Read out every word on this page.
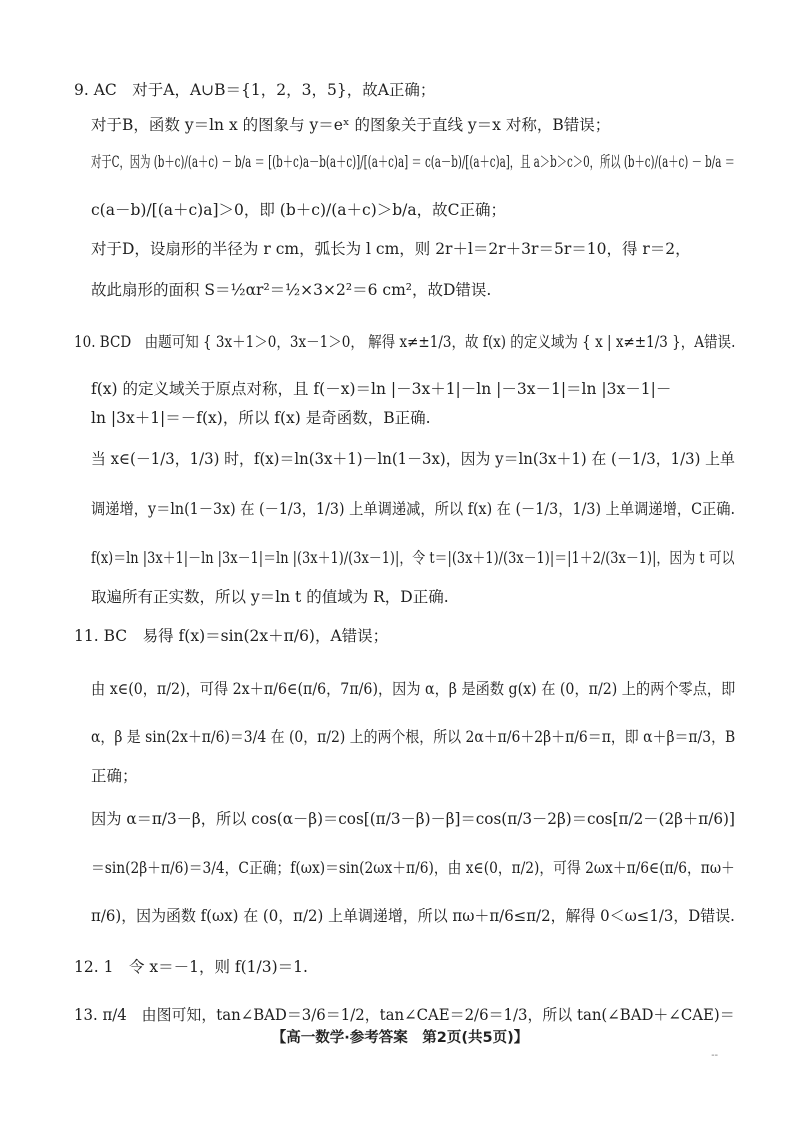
9. AC　对于A，A∪B＝{1，2，3，5}，故A正确；
对于B，函数 y＝ln x 的图象与 y＝eˣ 的图象关于直线 y＝x 对称，B错误；
对于C，因为 (b＋c)/(a＋c) － b/a ＝ [(b＋c)a－b(a＋c)]/[(a＋c)a] ＝ c(a－b)/[(a＋c)a]，且 a＞b＞c＞0，所以 (b＋c)/(a＋c) － b/a ＝
c(a－b)/[(a＋c)a]＞0，即 (b＋c)/(a＋c)＞b/a，故C正确；
对于D，设扇形的半径为 r cm，弧长为 l cm，则 2r＋l＝2r＋3r＝5r＝10，得 r＝2，
故此扇形的面积 S＝½αr²＝½×3×2²＝6 cm²，故D错误.
10. BCD　由题可知 { 3x＋1＞0，3x－1＞0， 解得 x≠±1/3，故 f(x) 的定义域为 { x | x≠±1/3 }，A错误.
f(x) 的定义域关于原点对称，且 f(－x)＝ln |－3x＋1|－ln |－3x－1|＝ln |3x－1|－
ln |3x＋1|＝－f(x)，所以 f(x) 是奇函数，B正确.
当 x∈(－1/3，1/3) 时，f(x)＝ln(3x＋1)－ln(1－3x)，因为 y＝ln(3x＋1) 在 (－1/3，1/3) 上单
调递增，y＝ln(1－3x) 在 (－1/3，1/3) 上单调递减，所以 f(x) 在 (－1/3，1/3) 上单调递增，C正确.
f(x)＝ln |3x＋1|－ln |3x－1|＝ln |(3x＋1)/(3x－1)|，令 t＝|(3x＋1)/(3x－1)|＝|1＋2/(3x－1)|，因为 t 可以
取遍所有正实数，所以 y＝ln t 的值域为 R，D正确.
11. BC　易得 f(x)＝sin(2x＋π/6)，A错误；
由 x∈(0，π/2)，可得 2x＋π/6∈(π/6，7π/6)，因为 α，β 是函数 g(x) 在 (0，π/2) 上的两个零点，即
α，β 是 sin(2x＋π/6)＝3/4 在 (0，π/2) 上的两个根，所以 2α＋π/6＋2β＋π/6＝π，即 α＋β＝π/3，B
正确；
因为 α＝π/3－β，所以 cos(α－β)＝cos[(π/3－β)－β]＝cos(π/3－2β)＝cos[π/2－(2β＋π/6)]
＝sin(2β＋π/6)＝3/4，C正确；f(ωx)＝sin(2ωx＋π/6)，由 x∈(0，π/2)，可得 2ωx＋π/6∈(π/6，πω＋
π/6)，因为函数 f(ωx) 在 (0，π/2) 上单调递增，所以 πω＋π/6≤π/2，解得 0＜ω≤1/3，D错误.
12. 1　令 x＝－1，则 f(1/3)＝1.
13. π/4　由图可知，tan∠BAD＝3/6＝1/2，tan∠CAE＝2/6＝1/3，所以 tan(∠BAD＋∠CAE)＝
【高一数学·参考答案　第2页(共5页)】
--
